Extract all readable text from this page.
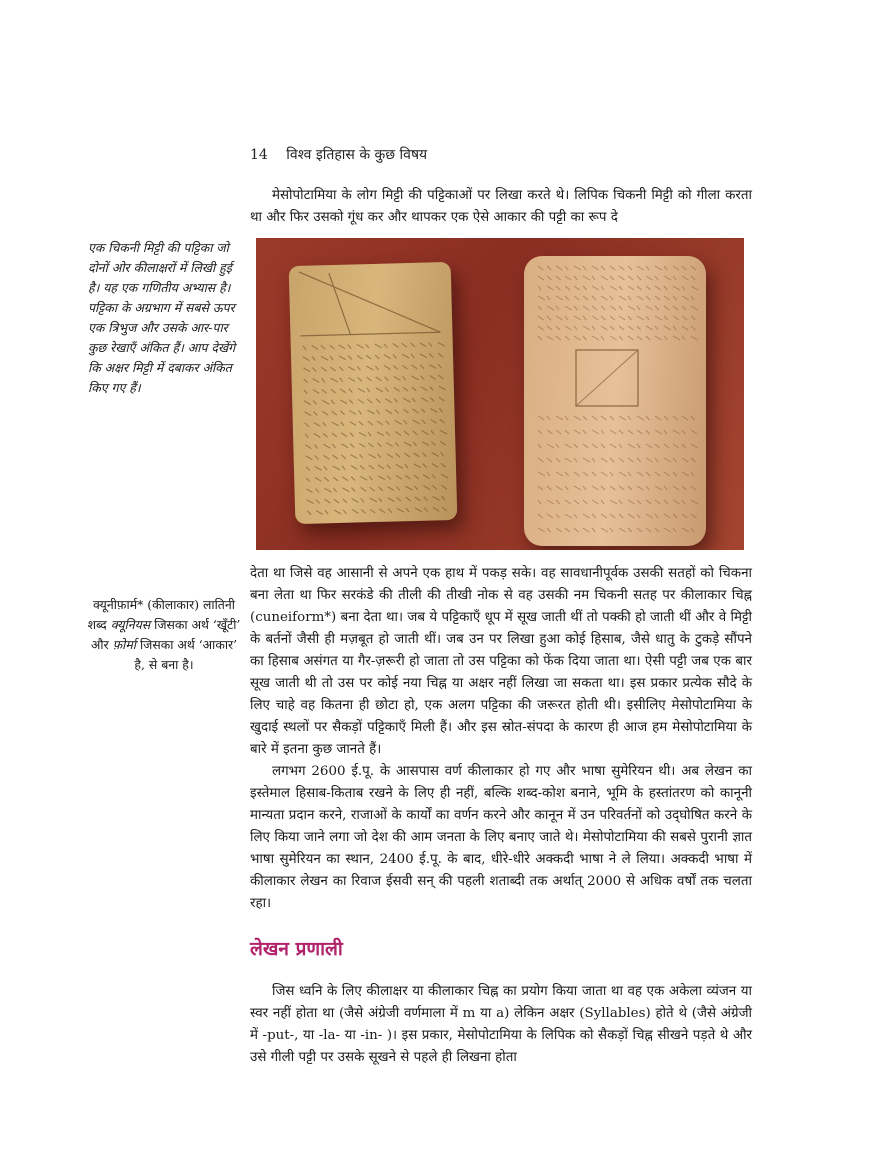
14 विश्व इतिहास के कुछ विषय

मेसोपोटामिया के लोग मिट्टी की पट्टिकाओं पर लिखा करते थे। लिपिक चिकनी मिट्टी को गीला करता था और फिर उसको गूंध कर और थापकर एक ऐसे आकार की पट्टी का रूप दे

एक चिकनी मिट्टी की पट्टिका जो दोनों ओर कीलाक्षरों में लिखी हुई है। यह एक गणितीय अभ्यास है। पट्टिका के अग्रभाग में सबसे ऊपर एक त्रिभुज और उसके आर-पार कुछ रेखाएँ अंकित हैं। आप देखेंगे कि अक्षर मिट्टी में दबाकर अंकित किए गए हैं।

देता था जिसे वह आसानी से अपने एक हाथ में पकड़ सके। वह सावधानीपूर्वक उसकी सतहों को चिकना बना लेता था फिर सरकंडे की तीली की तीखी नोक से वह उसकी नम चिकनी सतह पर कीलाकार चिह्न (cuneiform*) बना देता था। जब ये पट्टिकाएँ धूप में सूख जाती थीं तो पक्की हो जाती थीं और वे मिट्टी के बर्तनों जैसी ही मज़बूत हो जाती थीं। जब उन पर लिखा हुआ कोई हिसाब, जैसे धातु के टुकड़े सौंपने का हिसाब असंगत या गैर-ज़रूरी हो जाता तो उस पट्टिका को फेंक दिया जाता था। ऐसी पट्टी जब एक बार सूख जाती थी तो उस पर कोई नया चिह्न या अक्षर नहीं लिखा जा सकता था। इस प्रकार प्रत्येक सौदे के लिए चाहे वह कितना ही छोटा हो, एक अलग पट्टिका की जरूरत होती थी। इसीलिए मेसोपोटामिया के खुदाई स्थलों पर सैकड़ों पट्टिकाएँ मिली हैं। और इस स्रोत-संपदा के कारण ही आज हम मेसोपोटामिया के बारे में इतना कुछ जानते हैं।
लगभग 2600 ई.पू. के आसपास वर्ण कीलाकार हो गए और भाषा सुमेरियन थी। अब लेखन का इस्तेमाल हिसाब-किताब रखने के लिए ही नहीं, बल्कि शब्द-कोश बनाने, भूमि के हस्तांतरण को कानूनी मान्यता प्रदान करने, राजाओं के कार्यों का वर्णन करने और कानून में उन परिवर्तनों को उद्‌घोषित करने के लिए किया जाने लगा जो देश की आम जनता के लिए बनाए जाते थे। मेसोपोटामिया की सबसे पुरानी ज्ञात भाषा सुमेरियन का स्थान, 2400 ई.पू. के बाद, धीरे-धीरे अक्कदी भाषा ने ले लिया। अक्कदी भाषा में कीलाकार लेखन का रिवाज ईसवी सन्‌ की पहली शताब्दी तक अर्थात्‌ 2000 से अधिक वर्षों तक चलता रहा।

क्यूनीफ़ार्म* (कीलाकार) लातिनी शब्द क्यूनियस जिसका अर्थ ‘खूँटी’ और फ़ोर्मा जिसका अर्थ ‘आकार’ है, से बना है।

लेखन प्रणाली

जिस ध्वनि के लिए कीलाक्षर या कीलाकार चिह्न का प्रयोग किया जाता था वह एक अकेला व्यंजन या स्वर नहीं होता था (जैसे अंग्रेजी वर्णमाला में m या a) लेकिन अक्षर (Syllables) होते थे (जैसे अंग्रेजी में -put-, या -la- या -in- )। इस प्रकार, मेसोपोटामिया के लिपिक को सैकड़ों चिह्न सीखने पड़ते थे और उसे गीली पट्टी पर उसके सूखने से पहले ही लिखना होता
